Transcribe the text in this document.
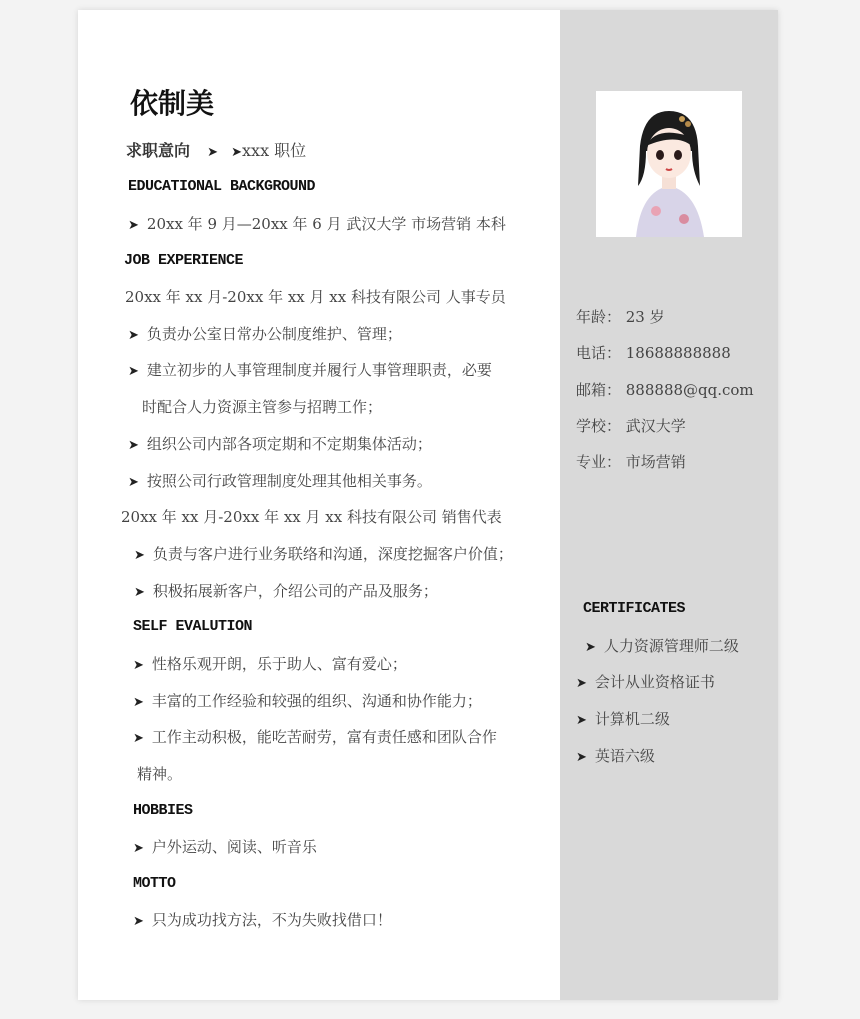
依制美
求职意向 ➤ ➤xxx 职位
EDUCATIONAL BACKGROUND
➤ 20xx 年 9 月—20xx 年 6 月 武汉大学 市场营销 本科
JOB EXPERIENCE
20xx 年 xx 月-20xx 年 xx 月 xx 科技有限公司 人事专员
➤ 负责办公室日常办公制度维护、管理；
➤ 建立初步的人事管理制度并履行人事管理职责，必要
时配合人力资源主管参与招聘工作；
➤ 组织公司内部各项定期和不定期集体活动；
➤ 按照公司行政管理制度处理其他相关事务。
20xx 年 xx 月-20xx 年 xx 月 xx 科技有限公司 销售代表
➤ 负责与客户进行业务联络和沟通，深度挖掘客户价值；
➤ 积极拓展新客户，介绍公司的产品及服务；
SELF EVALUTION
➤ 性格乐观开朗，乐于助人、富有爱心；
➤ 丰富的工作经验和较强的组织、沟通和协作能力；
➤ 工作主动积极，能吃苦耐劳，富有责任感和团队合作
精神。
HOBBIES
➤ 户外运动、阅读、听音乐
MOTTO
➤ 只为成功找方法，不为失败找借口！
年龄： 23 岁
电话： 18688888888
邮箱： 888888@qq.com
学校： 武汉大学
专业： 市场营销
CERTIFICATES
➤ 人力资源管理师二级
➤ 会计从业资格证书
➤ 计算机二级
➤ 英语六级
